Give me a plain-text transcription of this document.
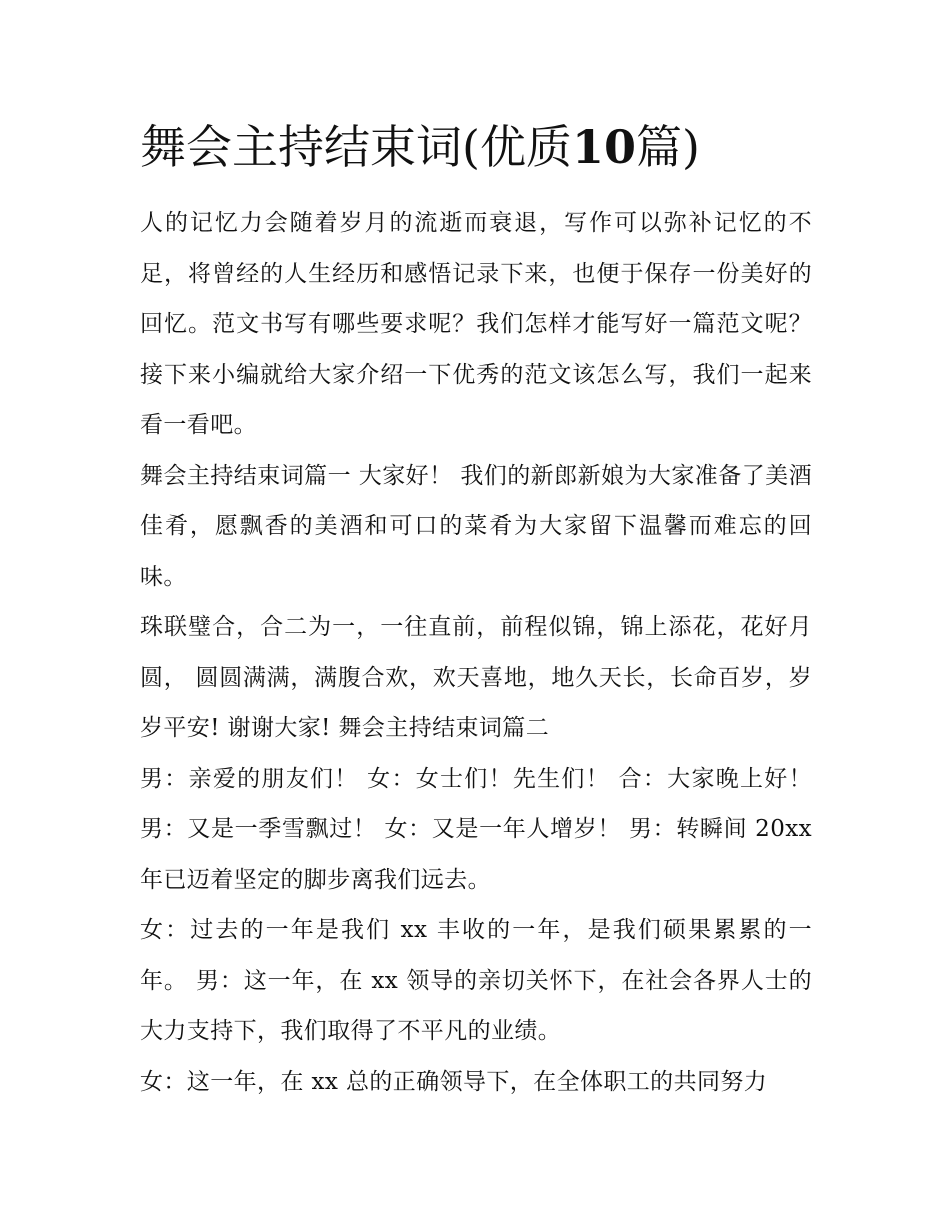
舞会主持结束词(优质10篇)

人的记忆力会随着岁月的流逝而衰退，写作可以弥补记忆的不足，将曾经的人生经历和感悟记录下来，也便于保存一份美好的回忆。范文书写有哪些要求呢？我们怎样才能写好一篇范文呢？接下来小编就给大家介绍一下优秀的范文该怎么写，我们一起来看一看吧。

舞会主持结束词篇一 大家好！ 我们的新郎新娘为大家准备了美酒佳肴，愿飘香的美酒和可口的菜肴为大家留下温馨而难忘的回味。

珠联璧合，合二为一，一往直前，前程似锦，锦上添花，花好月圆， 圆圆满满，满腹合欢，欢天喜地，地久天长，长命百岁，岁岁平安! 谢谢大家! 舞会主持结束词篇二

男：亲爱的朋友们！ 女：女士们！先生们！ 合：大家晚上好！ 男：又是一季雪飘过！ 女：又是一年人增岁！ 男：转瞬间 20xx 年已迈着坚定的脚步离我们远去。

女：过去的一年是我们 xx 丰收的一年，是我们硕果累累的一年。 男：这一年，在 xx 领导的亲切关怀下，在社会各界人士的大力支持下，我们取得了不平凡的业绩。

女：这一年，在 xx 总的正确领导下，在全体职工的共同努力
